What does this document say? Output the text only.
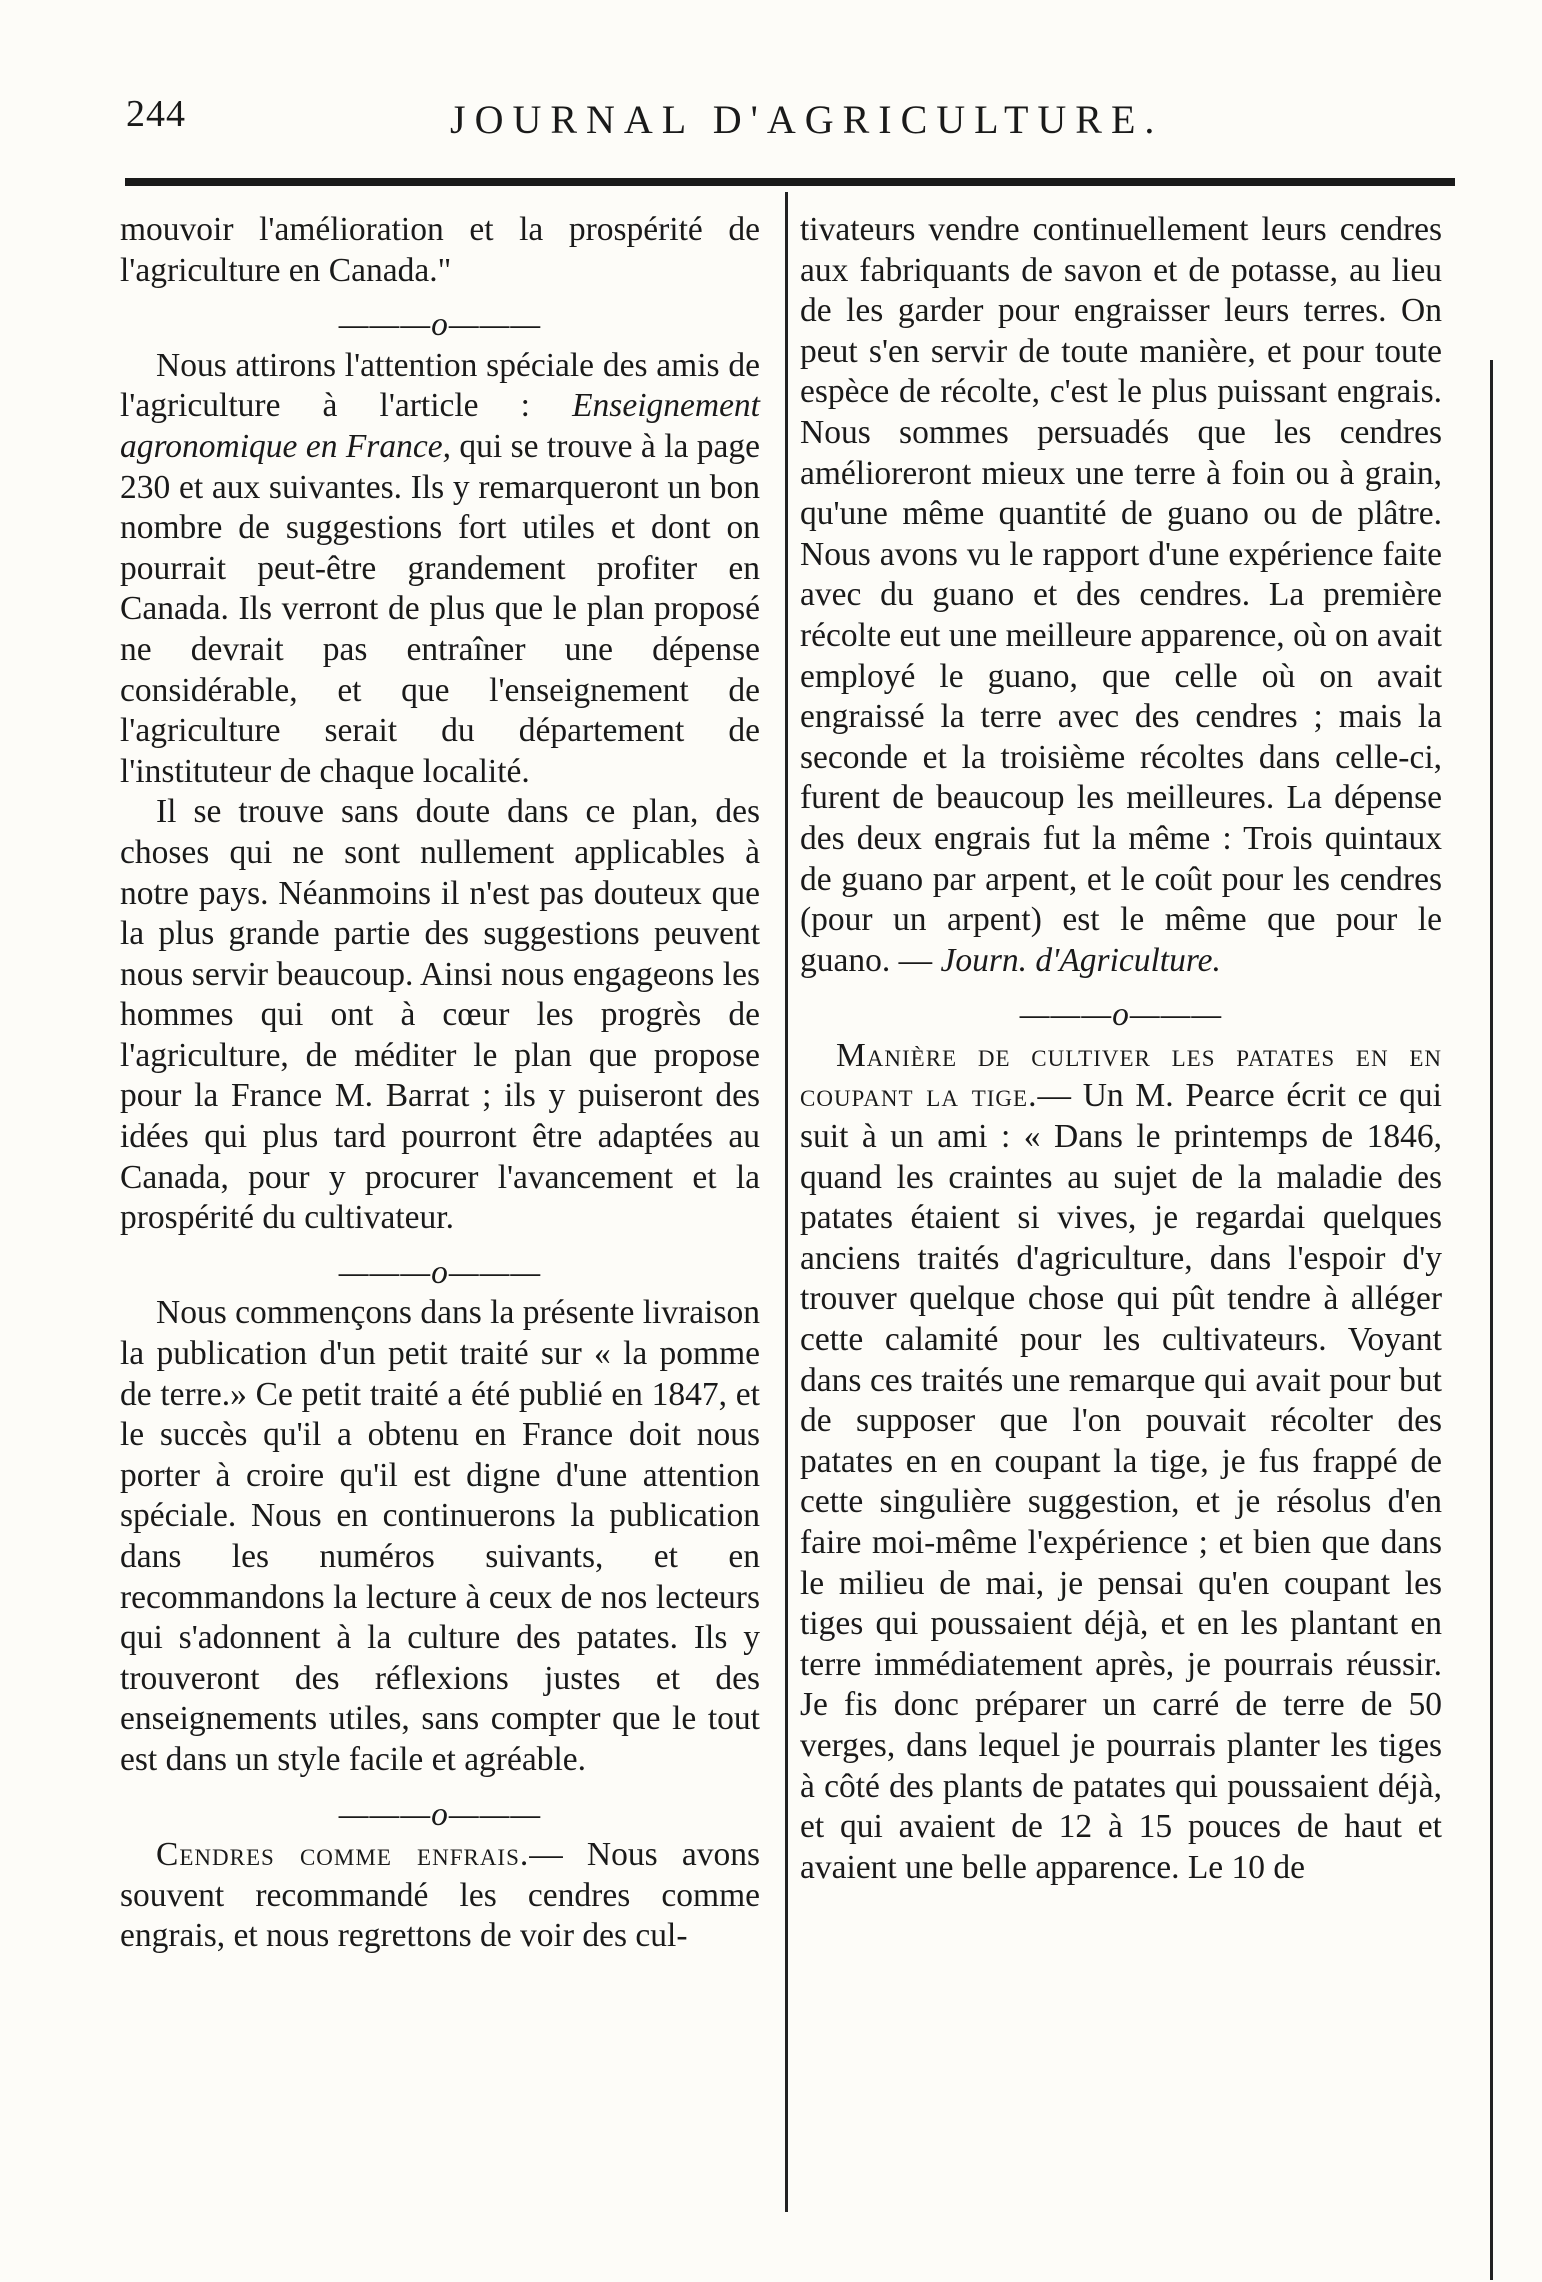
244	JOURNAL D'AGRICULTURE.

mouvoir l'amélioration et la prospérité de l'agriculture en Canada."

———o———

Nous attirons l'attention spéciale des amis de l'agriculture à l'article : Enseignement agronomique en France, qui se trouve à la page 230 et aux suivantes. Ils y remarqueront un bon nombre de suggestions fort utiles et dont on pourrait peut-être grandement profiter en Canada. Ils verront de plus que le plan proposé ne devrait pas entraîner une dépense considérable, et que l'enseignement de l'agriculture serait du département de l'instituteur de chaque localité.

Il se trouve sans doute dans ce plan, des choses qui ne sont nullement applicables à notre pays. Néanmoins il n'est pas douteux que la plus grande partie des suggestions peuvent nous servir beaucoup. Ainsi nous engageons les hommes qui ont à cœur les progrès de l'agriculture, de méditer le plan que propose pour la France M. Barrat ; ils y puiseront des idées qui plus tard pourront être adaptées au Canada, pour y procurer l'avancement et la prospérité du cultivateur.

———o———

Nous commençons dans la présente livraison la publication d'un petit traité sur « la pomme de terre.» Ce petit traité a été publié en 1847, et le succès qu'il a obtenu en France doit nous porter à croire qu'il est digne d'une attention spéciale. Nous en continuerons la publication dans les numéros suivants, et en recommandons la lecture à ceux de nos lecteurs qui s'adonnent à la culture des patates. Ils y trouveront des réflexions justes et des enseignements utiles, sans compter que le tout est dans un style facile et agréable.

———o———

Cendres comme enfrais.— Nous avons souvent recommandé les cendres comme engrais, et nous regrettons de voir des cul-

tivateurs vendre continuellement leurs cendres aux fabriquants de savon et de potasse, au lieu de les garder pour engraisser leurs terres. On peut s'en servir de toute manière, et pour toute espèce de récolte, c'est le plus puissant engrais. Nous sommes persuadés que les cendres amélioreront mieux une terre à foin ou à grain, qu'une même quantité de guano ou de plâtre. Nous avons vu le rapport d'une expérience faite avec du guano et des cendres. La première récolte eut une meilleure apparence, où on avait employé le guano, que celle où on avait engraissé la terre avec des cendres ; mais la seconde et la troisième récoltes dans celle-ci, furent de beaucoup les meilleures. La dépense des deux engrais fut la même : Trois quintaux de guano par arpent, et le coût pour les cendres (pour un arpent) est le même que pour le guano. — Journ. d'Agriculture.

———o———

Manière de cultiver les patates en en coupant la tige.— Un M. Pearce écrit ce qui suit à un ami : « Dans le printemps de 1846, quand les craintes au sujet de la maladie des patates étaient si vives, je regardai quelques anciens traités d'agriculture, dans l'espoir d'y trouver quelque chose qui pût tendre à alléger cette calamité pour les cultivateurs. Voyant dans ces traités une remarque qui avait pour but de supposer que l'on pouvait récolter des patates en en coupant la tige, je fus frappé de cette singulière suggestion, et je résolus d'en faire moi-même l'expérience ; et bien que dans le milieu de mai, je pensai qu'en coupant les tiges qui poussaient déjà, et en les plantant en terre immédiatement après, je pourrais réussir. Je fis donc préparer un carré de terre de 50 verges, dans lequel je pourrais planter les tiges à côté des plants de patates qui poussaient déjà, et qui avaient de 12 à 15 pouces de haut et avaient une belle apparence. Le 10 de
